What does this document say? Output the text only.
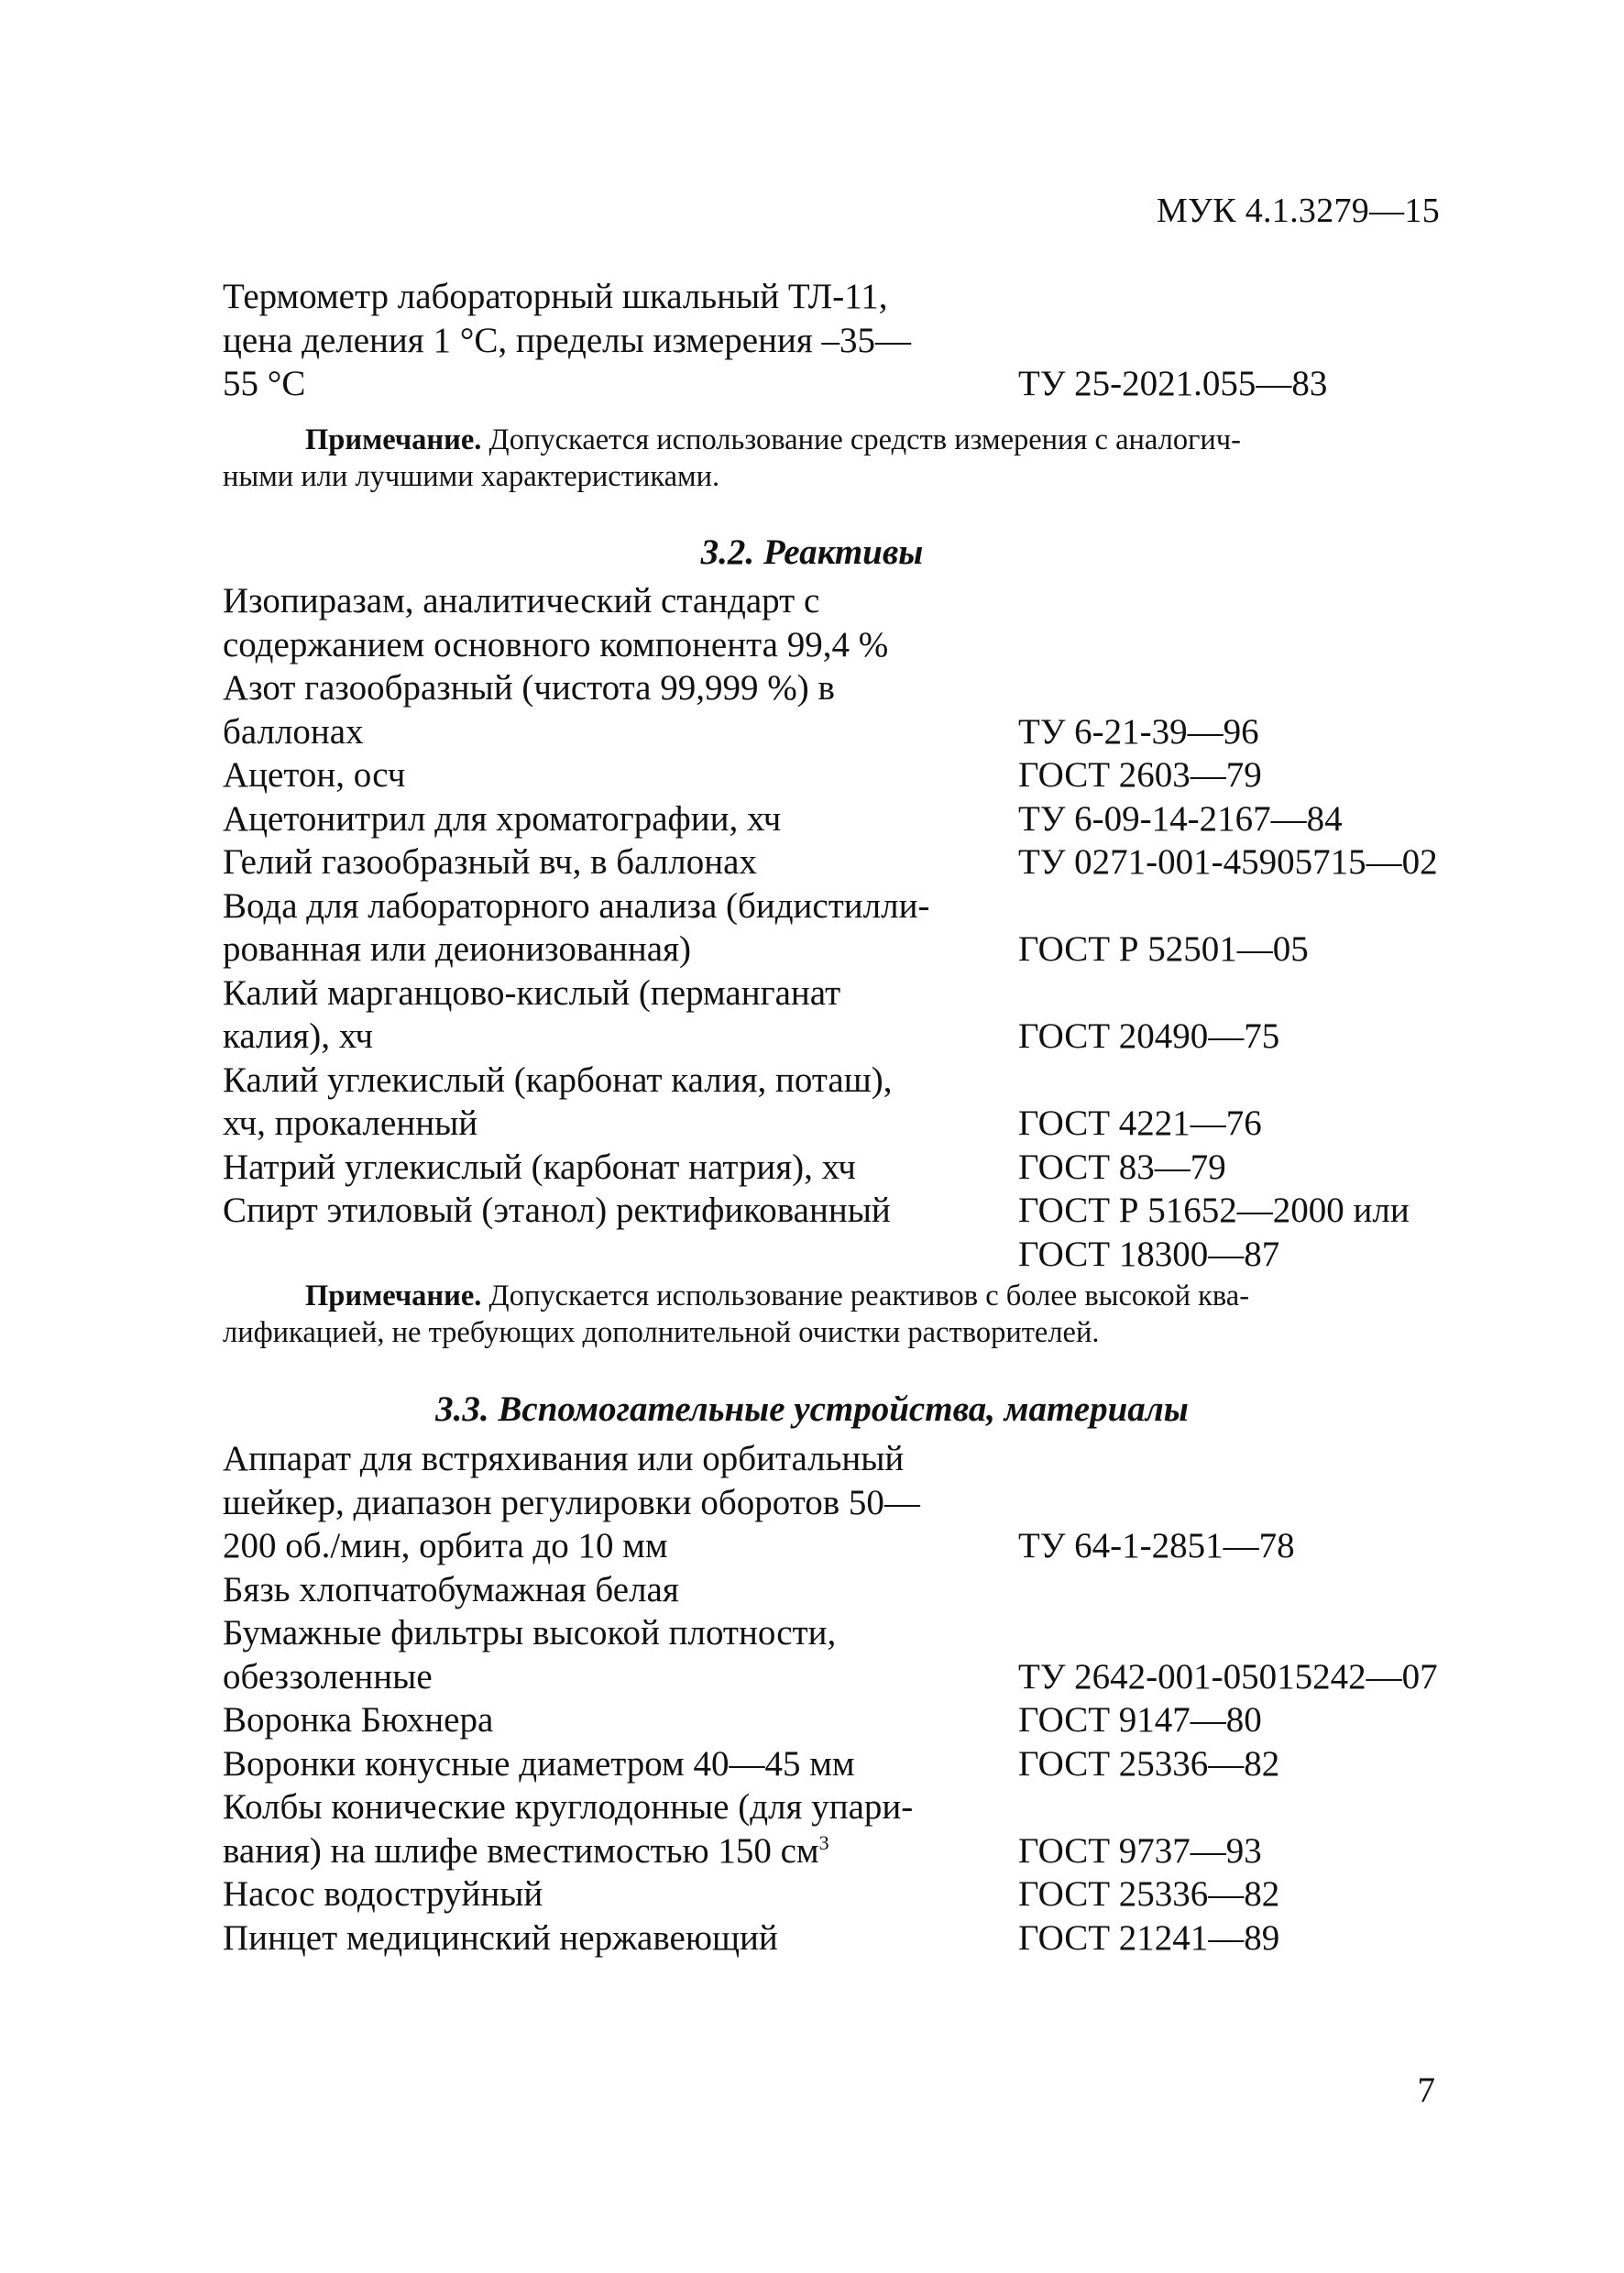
МУК 4.1.3279—15
Термометр лабораторный шкальный ТЛ-11,
цена деления 1 °С, пределы измерения –35—
55 °С	ТУ 25-2021.055—83
Примечание. Допускается использование средств измерения с аналогич-
ными или лучшими характеристиками.
3.2. Реактивы
Изопиразам, аналитический стандарт с
содержанием основного компонента 99,4 %
Азот газообразный (чистота 99,999 %) в
баллонах	ТУ 6-21-39—96
Ацетон, осч	ГОСТ 2603—79
Ацетонитрил для хроматографии, хч	ТУ 6-09-14-2167—84
Гелий газообразный вч, в баллонах	ТУ 0271-001-45905715—02
Вода для лабораторного анализа (бидистилли-
рованная или деионизованная)	ГОСТ Р 52501—05
Калий марганцово-кислый (перманганат
калия), хч	ГОСТ 20490—75
Калий углекислый (карбонат калия, поташ),
хч, прокаленный	ГОСТ 4221—76
Натрий углекислый (карбонат натрия), хч	ГОСТ 83—79
Спирт этиловый (этанол) ректификованный	ГОСТ Р 51652—2000 или
ГОСТ 18300—87
Примечание. Допускается использование реактивов с более высокой ква-
лификацией, не требующих дополнительной очистки растворителей.
3.3. Вспомогательные устройства, материалы
Аппарат для встряхивания или орбитальный
шейкер, диапазон регулировки оборотов 50—
200 об./мин, орбита до 10 мм	ТУ 64-1-2851—78
Бязь хлопчатобумажная белая
Бумажные фильтры высокой плотности,
обеззоленные	ТУ 2642-001-05015242—07
Воронка Бюхнера	ГОСТ 9147—80
Воронки конусные диаметром 40—45 мм	ГОСТ 25336—82
Колбы конические круглодонные (для упари-
вания) на шлифе вместимостью 150 $см^3$	ГОСТ 9737—93
Насос водоструйный	ГОСТ 25336—82
Пинцет медицинский нержавеющий	ГОСТ 21241—89
7
